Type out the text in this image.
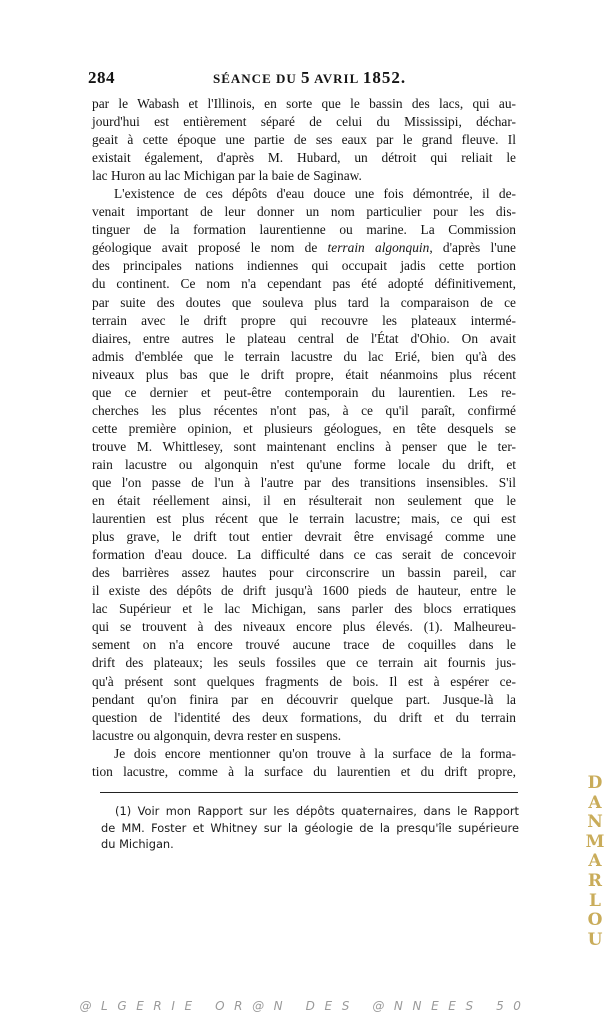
284	SÉANCE DU 5 AVRIL 1852.
par le Wabash et l'Illinois, en sorte que le bassin des lacs, qui au-
jourd'hui est entièrement séparé de celui du Mississipi, déchar-
geait à cette époque une partie de ses eaux par le grand fleuve. Il
existait également, d'après M. Hubard, un détroit qui reliait le
lac Huron au lac Michigan par la baie de Saginaw.
L'existence de ces dépôts d'eau douce une fois démontrée, il de-
venait important de leur donner un nom particulier pour les dis-
tinguer de la formation laurentienne ou marine. La Commission
géologique avait proposé le nom de terrain algonquin, d'après l'une
des principales nations indiennes qui occupait jadis cette portion
du continent. Ce nom n'a cependant pas été adopté définitivement,
par suite des doutes que souleva plus tard la comparaison de ce
terrain avec le drift propre qui recouvre les plateaux intermé-
diaires, entre autres le plateau central de l'État d'Ohio. On avait
admis d'emblée que le terrain lacustre du lac Erié, bien qu'à des
niveaux plus bas que le drift propre, était néanmoins plus récent
que ce dernier et peut-être contemporain du laurentien. Les re-
cherches les plus récentes n'ont pas, à ce qu'il paraît, confirmé
cette première opinion, et plusieurs géologues, en tête desquels se
trouve M. Whittlesey, sont maintenant enclins à penser que le ter-
rain lacustre ou algonquin n'est qu'une forme locale du drift, et
que l'on passe de l'un à l'autre par des transitions insensibles. S'il
en était réellement ainsi, il en résulterait non seulement que le
laurentien est plus récent que le terrain lacustre; mais, ce qui est
plus grave, le drift tout entier devrait être envisagé comme une
formation d'eau douce. La difficulté dans ce cas serait de concevoir
des barrières assez hautes pour circonscrire un bassin pareil, car
il existe des dépôts de drift jusqu'à 1600 pieds de hauteur, entre le
lac Supérieur et le lac Michigan, sans parler des blocs erratiques
qui se trouvent à des niveaux encore plus élevés. (1). Malheureu-
sement on n'a encore trouvé aucune trace de coquilles dans le
drift des plateaux; les seuls fossiles que ce terrain ait fournis jus-
qu'à présent sont quelques fragments de bois. Il est à espérer ce-
pendant qu'on finira par en découvrir quelque part. Jusque-là la
question de l'identité des deux formations, du drift et du terrain
lacustre ou algonquin, devra rester en suspens.
Je dois encore mentionner qu'on trouve à la surface de la forma-
tion lacustre, comme à la surface du laurentien et du drift propre,
(1) Voir mon Rapport sur les dépôts quaternaires, dans le Rapport
de MM. Foster et Whitney sur la géologie de la presqu'île supérieure
du Michigan.
DANMARLOU
@LGERIE OR@N DES @NNEES 50
